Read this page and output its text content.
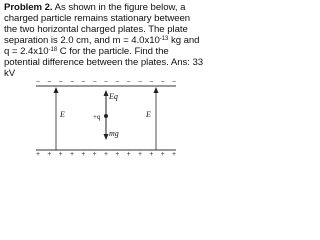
Problem 2. As shown in the figure below, a
charged particle remains stationary between
the two horizontal charged plates. The plate
separation is 2.0 cm, and $m = 4.0x10^{-13}$ kg and
$q = 2.4x10^{-18}$ C for the particle. Find the
potential difference between the plates. Ans: 33
kV
− − − − − − − − − − − − −
Eq
mg
+q
E	E
+ + + + + + + + + + + + +
